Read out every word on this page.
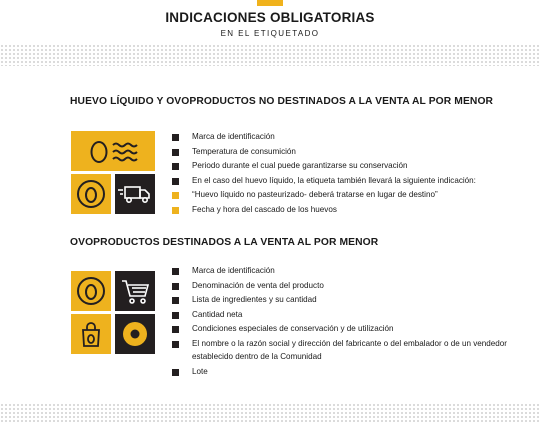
INDICACIONES OBLIGATORIAS
EN EL ETIQUETADO
HUEVO LÍQUIDO Y OVOPRODUCTOS NO DESTINADOS A LA VENTA AL POR MENOR
Marca de identificación
Temperatura de consumición
Periodo durante el cual puede garantizarse su conservación
En el caso del huevo líquido, la etiqueta también llevará la siguiente indicación:
“Huevo líquido no pasteurizado- deberá tratarse en lugar de destino”
Fecha y hora del cascado de los huevos
OVOPRODUCTOS DESTINADOS A LA VENTA AL POR MENOR
Marca de identificación
Denominación de venta del producto
Lista de ingredientes y su cantidad
Cantidad neta
Condiciones especiales de conservación y de utilización
El nombre o la razón social y dirección del fabricante o del embalador o de un vendedor establecido dentro de la Comunidad
Lote
